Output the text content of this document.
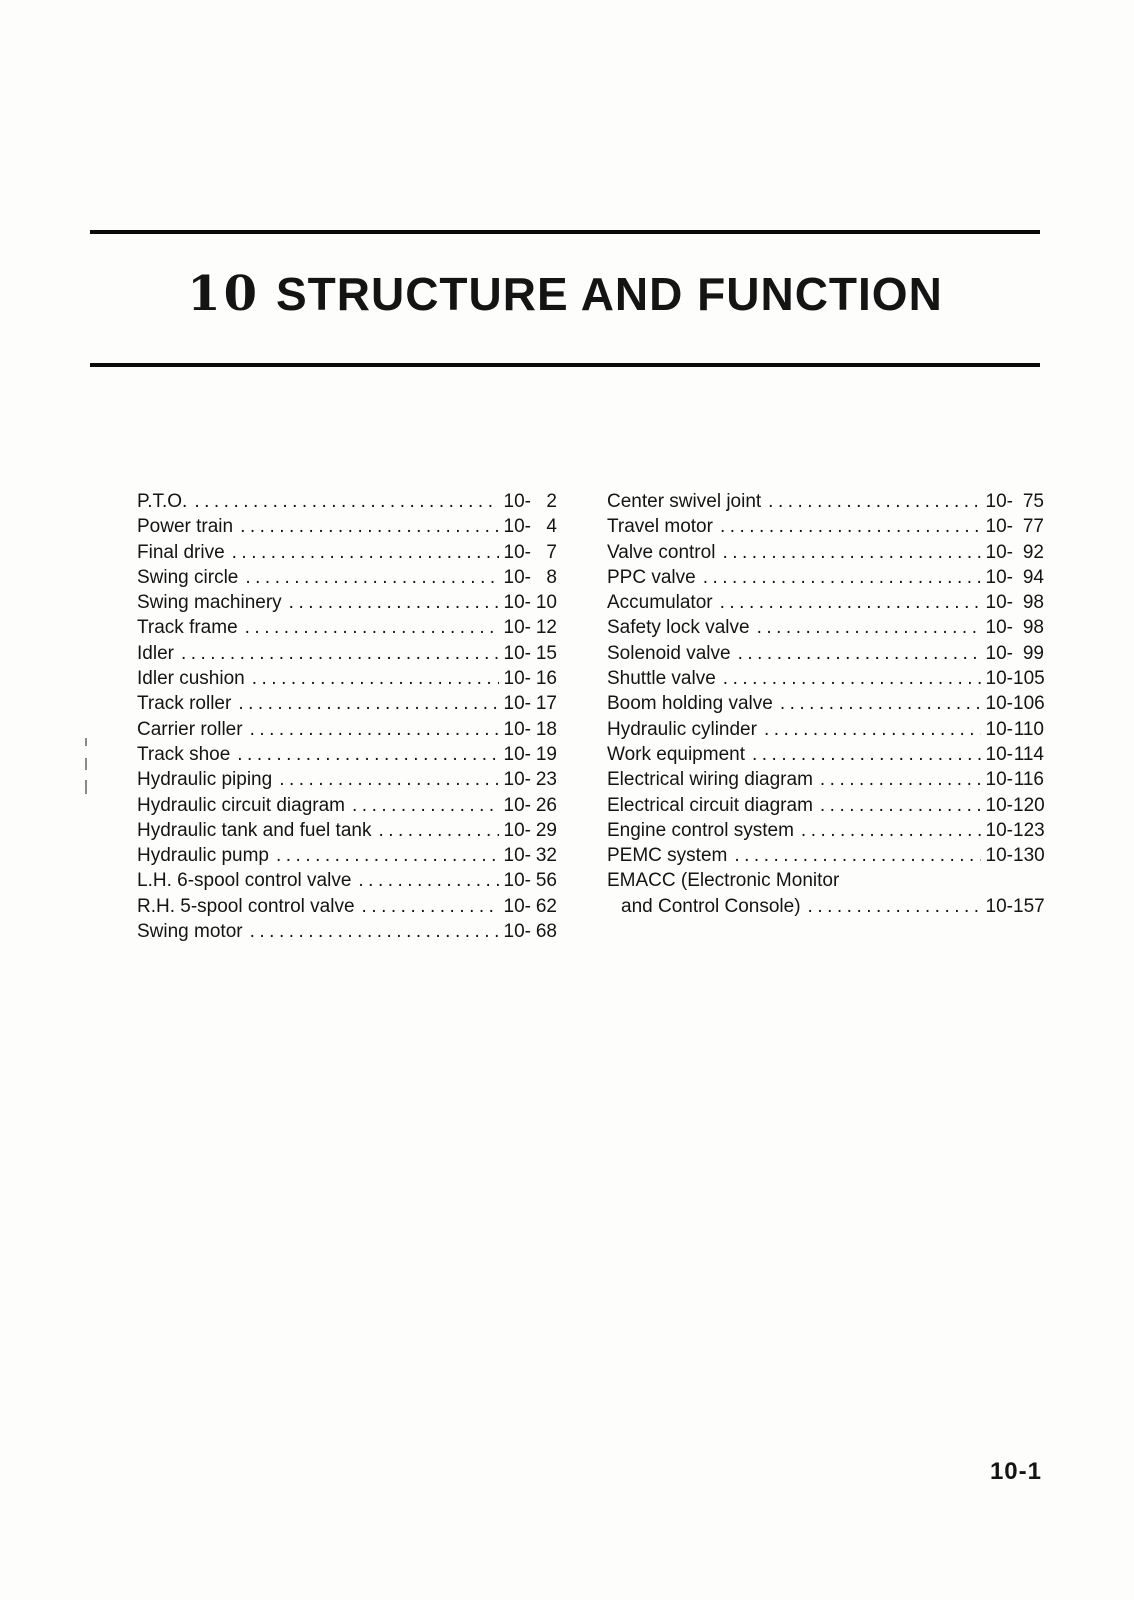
10 STRUCTURE AND FUNCTION
P.T.O. .....	10- 2
Power train .....	10- 4
Final drive .....	10- 7
Swing circle .....	10- 8
Swing machinery .....	10- 10
Track frame .....	10- 12
Idler .....	10- 15
Idler cushion .....	10- 16
Track roller .....	10- 17
Carrier roller .....	10- 18
Track shoe .....	10- 19
Hydraulic piping .....	10- 23
Hydraulic circuit diagram .....	10- 26
Hydraulic tank and fuel tank .....	10- 29
Hydraulic pump .....	10- 32
L.H. 6-spool control valve .....	10- 56
R.H. 5-spool control valve .....	10- 62
Swing motor .....	10- 68
Center swivel joint .....	10- 75
Travel motor .....	10- 77
Valve control .....	10- 92
PPC valve .....	10- 94
Accumulator .....	10- 98
Safety lock valve .....	10- 98
Solenoid valve .....	10- 99
Shuttle valve .....	10- 105
Boom holding valve .....	10- 106
Hydraulic cylinder .....	10- 110
Work equipment .....	10- 114
Electrical wiring diagram .....	10- 116
Electrical circuit diagram .....	10- 120
Engine control system .....	10- 123
PEMC system .....	10- 130
EMACC (Electronic Monitor
and Control Console) .....	10- 157
10-1
